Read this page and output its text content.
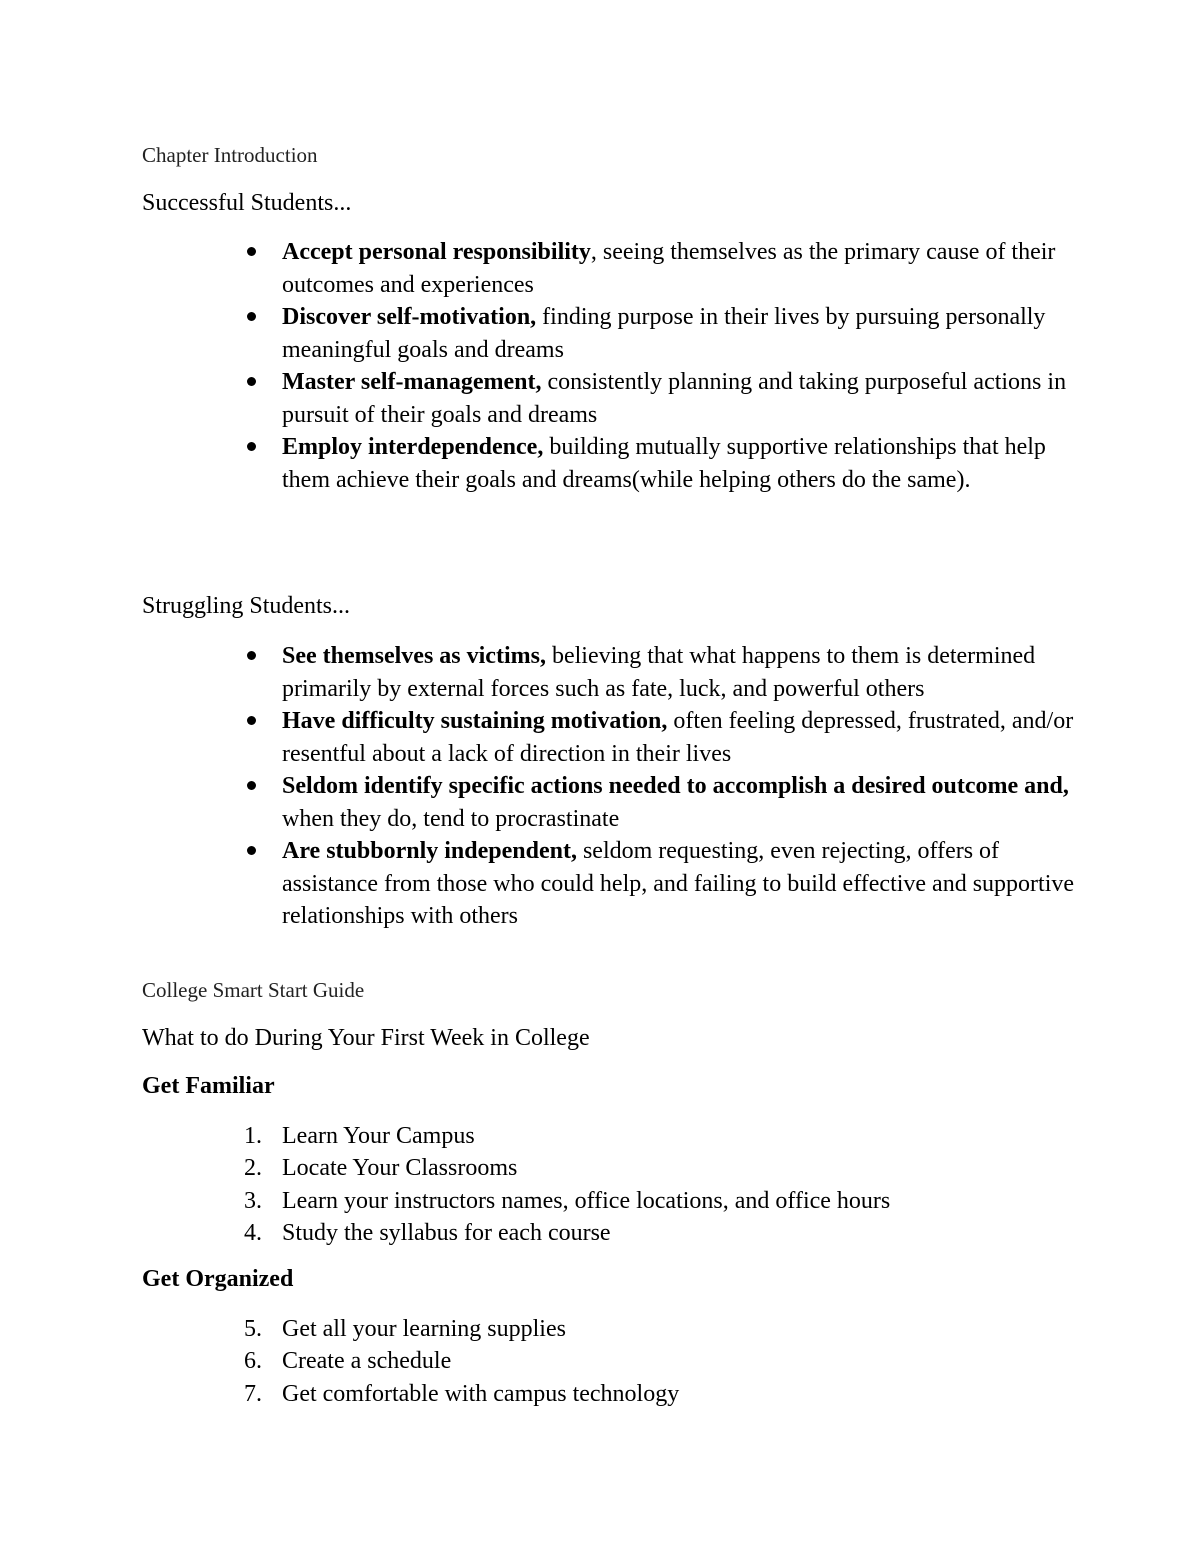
Chapter Introduction

Successful Students...

Accept personal responsibility, seeing themselves as the primary cause of their outcomes and experiences
Discover self-motivation, finding purpose in their lives by pursuing personally meaningful goals and dreams
Master self-management, consistently planning and taking purposeful actions in pursuit of their goals and dreams
Employ interdependence, building mutually supportive relationships that help them achieve their goals and dreams(while helping others do the same).

Struggling Students...

See themselves as victims, believing that what happens to them is determined primarily by external forces such as fate, luck, and powerful others
Have difficulty sustaining motivation, often feeling depressed, frustrated, and/or resentful about a lack of direction in their lives
Seldom identify specific actions needed to accomplish a desired outcome and, when they do, tend to procrastinate
Are stubbornly independent, seldom requesting, even rejecting, offers of assistance from those who could help, and failing to build effective and supportive relationships with others

College Smart Start Guide

What to do During Your First Week in College

Get Familiar

1. Learn Your Campus
2. Locate Your Classrooms
3. Learn your instructors names, office locations, and office hours
4. Study the syllabus for each course

Get Organized

5. Get all your learning supplies
6. Create a schedule
7. Get comfortable with campus technology
